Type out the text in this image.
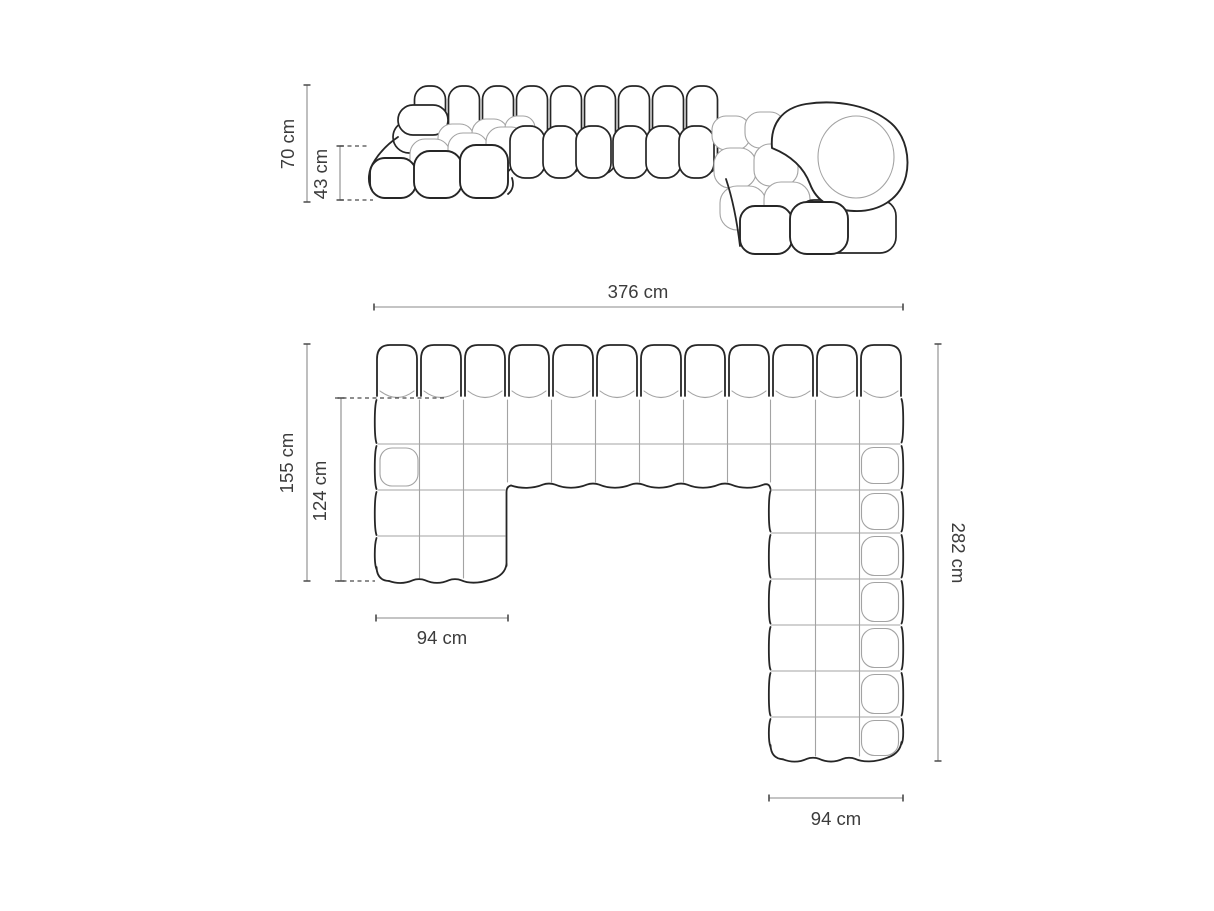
70 cm
43 cm
376 cm
155 cm 124 cm
94 cm
282 cm
94 cm
